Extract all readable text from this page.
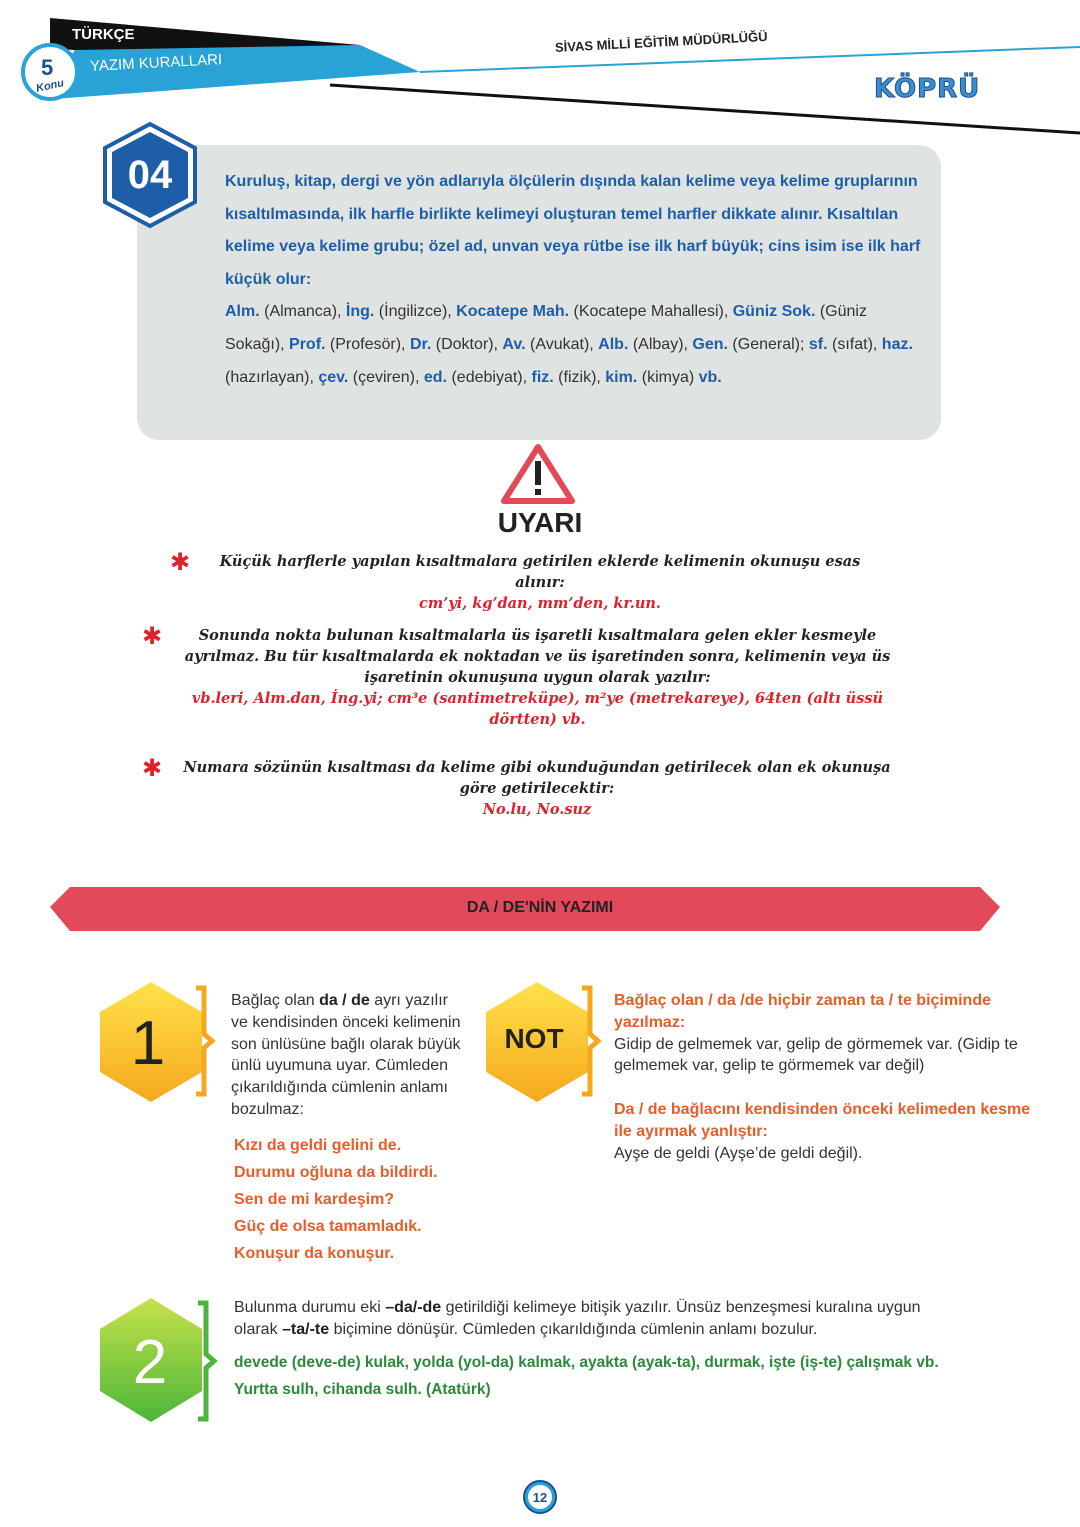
TÜRKÇE
5
Konu
YAZIM KURALLARI
SİVAS MİLLİ EĞİTİM MÜDÜRLÜĞÜ
KÖPRÜ
04	Kuruluş, kitap, dergi ve yön adlarıyla ölçülerin dışında kalan kelime veya kelime gruplarının kısaltılmasında, ilk harfle birlikte kelimeyi oluşturan temel harfler dikkate alınır. Kısaltılan kelime veya kelime grubu; özel ad, unvan veya rütbe ise ilk harf büyük; cins isim ise ilk harf küçük olur:
Alm. (Almanca), İng. (İngilizce), Kocatepe Mah. (Kocatepe Mahallesi), Güniz Sok. (Güniz Sokağı), Prof. (Profesör), Dr. (Doktor), Av. (Avukat), Alb. (Albay), Gen. (General); sf. (sıfat), haz. (hazırlayan), çev. (çeviren), ed. (edebiyat), fiz. (fizik), kim. (kimya) vb.
UYARI
✱	Küçük harflerle yapılan kısaltmalara getirilen eklerde kelimenin okunuşu esas alınır:
cm’yi, kg’dan, mm’den, kr.un.
✱	Sonunda nokta bulunan kısaltmalarla üs işaretli kısaltmalara gelen ekler kesmeyle ayrılmaz. Bu tür kısaltmalarda ek noktadan ve üs işaretinden sonra, kelimenin veya üs işaretinin okunuşuna uygun olarak yazılır:
vb.leri, Alm.dan, İng.yi; cm³e (santimetreküpe), m²ye (metrekareye), 64ten (altı üssü dörtten) vb.
✱	Numara sözünün kısaltması da kelime gibi okunduğundan getirilecek olan ek okunuşa göre getirilecektir:
No.lu, No.suz
DA / DE'NİN YAZIMI
1
Bağlaç olan da / de ayrı yazılır ve kendisinden önceki kelimenin son ünlüsüne bağlı olarak büyük ünlü uyumuna uyar. Cümleden çıkarıldığında cümlenin anlamı bozulmaz:
Kızı da geldi gelini de.
Durumu oğluna da bildirdi.
Sen de mi kardeşim?
Güç de olsa tamamladık.
Konuşur da konuşur.
NOT
Bağlaç olan / da /de hiçbir zaman ta / te biçiminde yazılmaz:
Gidip de gelmemek var, gelip de görmemek var. (Gidip te gelmemek var, gelip te görmemek var değil)
Da / de bağlacını kendisinden önceki kelimeden kesme ile ayırmak yanlıştır:
Ayşe de geldi (Ayşe’de geldi değil).
2
Bulunma durumu eki –da/-de getirildiği kelimeye bitişik yazılır. Ünsüz benzeşmesi kuralına uygun olarak –ta/-te biçimine dönüşür. Cümleden çıkarıldığında cümlenin anlamı bozulur.
devede (deve-de) kulak, yolda (yol-da) kalmak, ayakta (ayak-ta), durmak, işte (iş-te) çalışmak vb.
Yurtta sulh, cihanda sulh. (Atatürk)
12
